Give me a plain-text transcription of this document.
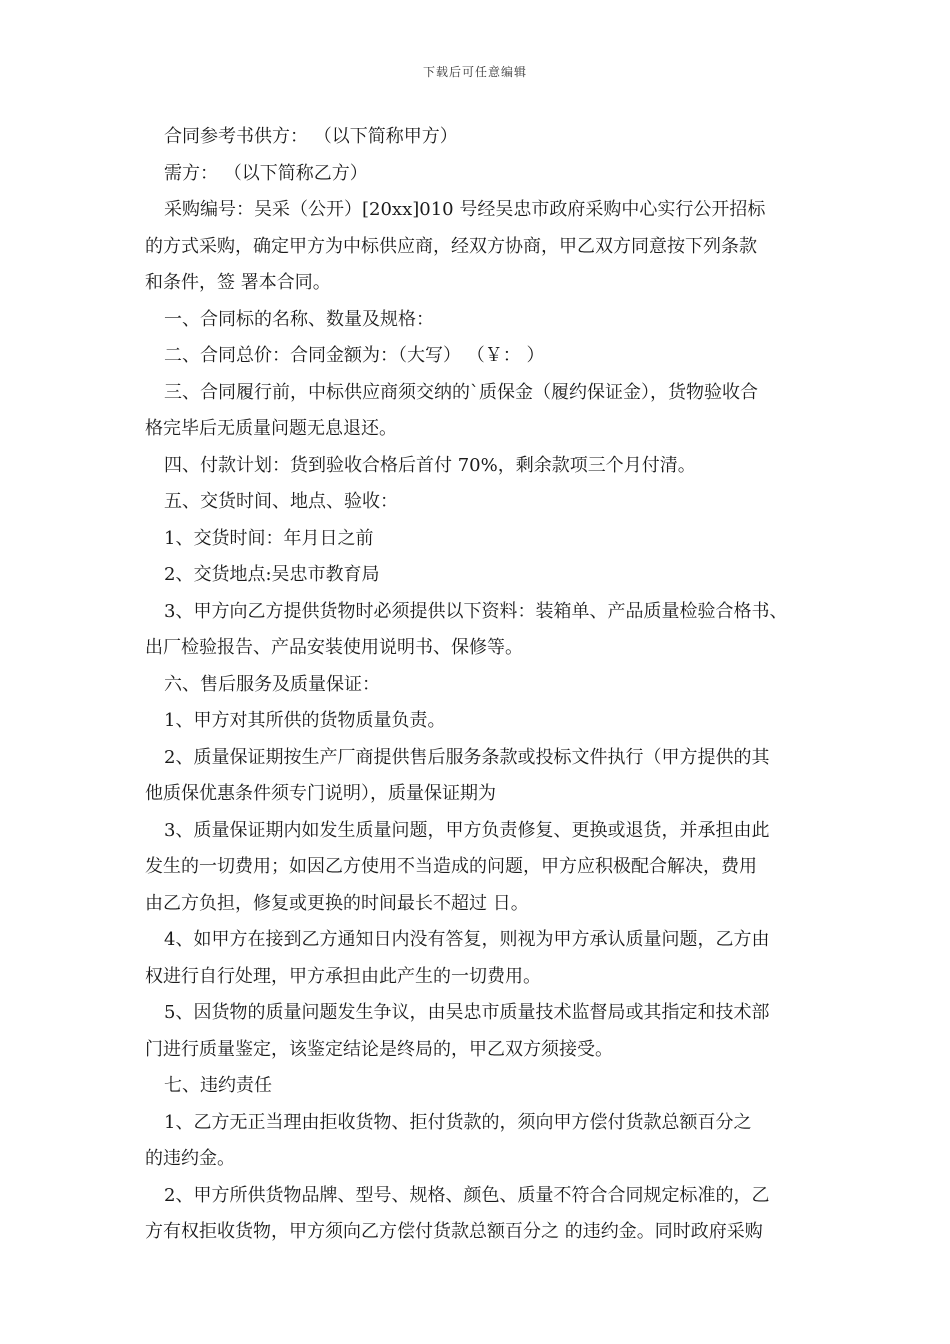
下载后可任意编辑

合同参考书供方： （以下简称甲方）

需方： （以下简称乙方）

采购编号：吴采（公开）[20xx]010 号经吴忠市政府采购中心实行公开招标

的方式采购，确定甲方为中标供应商，经双方协商，甲乙双方同意按下列条款

和条件，签 署本合同。

一、合同标的名称、数量及规格：

二、合同总价：合同金额为：（大写） （￥： ）

三、合同履行前，中标供应商须交纳的`质保金（履约保证金），货物验收合

格完毕后无质量问题无息退还。

四、付款计划：货到验收合格后首付 70%，剩余款项三个月付清。

五、交货时间、地点、验收：

1、交货时间：年月日之前

2、交货地点:吴忠市教育局

3、甲方向乙方提供货物时必须提供以下资料：装箱单、产品质量检验合格书、

出厂检验报告、产品安装使用说明书、保修等。

六、售后服务及质量保证：

1、甲方对其所供的货物质量负责。

2、质量保证期按生产厂商提供售后服务条款或投标文件执行（甲方提供的其

他质保优惠条件须专门说明），质量保证期为

3、质量保证期内如发生质量问题，甲方负责修复、更换或退货，并承担由此

发生的一切费用；如因乙方使用不当造成的问题，甲方应积极配合解决，费用

由乙方负担，修复或更换的时间最长不超过 日。

4、如甲方在接到乙方通知日内没有答复，则视为甲方承认质量问题，乙方由

权进行自行处理，甲方承担由此产生的一切费用。

5、因货物的质量问题发生争议，由吴忠市质量技术监督局或其指定和技术部

门进行质量鉴定，该鉴定结论是终局的，甲乙双方须接受。

七、违约责任

1、乙方无正当理由拒收货物、拒付货款的，须向甲方偿付货款总额百分之

的违约金。

2、甲方所供货物品牌、型号、规格、颜色、质量不符合合同规定标准的，乙

方有权拒收货物，甲方须向乙方偿付货款总额百分之 的违约金。同时政府采购
